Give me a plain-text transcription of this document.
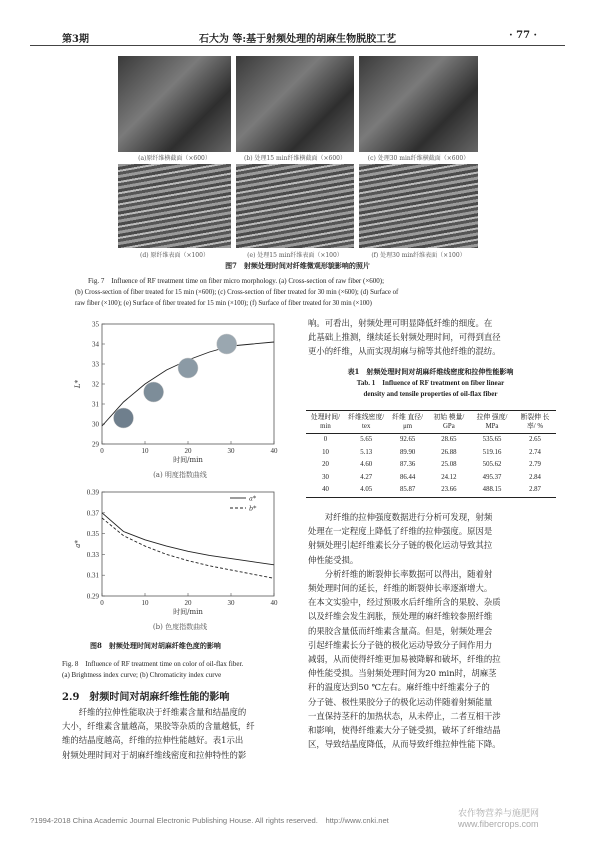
第3期	石大为 等:基于射频处理的胡麻生物脱胶工艺	· 77 ·
(a)原纤维横截面（×600）	(b) 处理15 min纤维横截面（×600）	(c) 处理30 min纤维横截面（×600）
(d) 原纤维表面（×100）	(e) 处理15 min纤维表面（×100）	(f) 处理30 min纤维表面（×100）
图7　射频处理时间对纤维微观形貌影响的照片
Fig. 7　Influence of RF treatment time on fiber micro morphology. (a) Cross-section of raw fiber (×600);
(b) Cross-section of fiber treated for 15 min (×600); (c) Cross-section of fiber treated for 30 min (×600); (d) Surface of
raw fiber (×100); (e) Surface of fiber treated for 15 min (×100); (f) Surface of fiber treated for 30 min (×100)
0	10	20	30	40
29
30
31
32
33
34
35
时间/min
L*
(a) 明度指数曲线
0	10	20	30	40
0.29
0.31
0.33
0.35
0.37
0.39
时间/min
a*
a*
b*
(b) 色度指数曲线
图8　射频处理时间对胡麻纤维色度的影响
Fig. 8　Influence of RF treatment time on color of oil-flax fiber.
(a) Brightness index curve; (b) Chromaticity index curve
2.9　射频时间对胡麻纤维性能的影响
　　纤维的拉伸性能取决于纤维素含量和结晶度的
大小，纤维素含量越高，果胶等杂质的含量越低，纤
维的结晶度越高，纤维的拉伸性能越好。表1示出
射频处理时间对于胡麻纤维线密度和拉伸特性的影
响。可看出，射频处理可明显降低纤维的细度。在
此基础上推测，继续延长射频处理时间，可得到直径
更小的纤维，从而实现胡麻与棉等其他纤维的混纺。
表1　射频处理时间对胡麻纤维线密度和拉伸性能影响
Tab. 1　Influence of RF treatment on fiber linear
density and tensile properties of oil-flax fiber
处理时间/ min	纤维线密度/ tex	纤维 直径/ μm	初始 模量/ GPa	拉伸 强度/ MPa	断裂伸 长率/ %
0	5.65	92.65	28.65	535.65	2.65
10	5.13	89.90	26.88	519.16	2.74
20	4.60	87.36	25.08	505.62	2.79
30	4.27	86.44	24.12	495.37	2.84
40	4.05	85.87	23.66	488.15	2.87
　　对纤维的拉伸强度数据进行分析可发现，射频
处理在一定程度上降低了纤维的拉伸强度。原因是
射频处理引起纤维素长分子链的极化运动导致其拉
伸性能受损。
　　分析纤维的断裂伸长率数据可以得出，随着射
频处理时间的延长，纤维的断裂伸长率逐渐增大。
在本文实验中，经过预吸水后纤维所含的果胶、杂质
以及纤维会发生润胀，预处理的麻纤维较参照纤维
的果胶含量低而纤维素含量高。但是，射频处理会
引起纤维素长分子链的极化运动导致分子间作用力
减弱，从而使得纤维更加易被降解和破坏，纤维的拉
伸性能受损。当射频处理时间为20 min时，胡麻茎
秆的温度达到50 ℃左右。麻纤维中纤维素分子的
分子链、极性果胶分子的极化运动伴随着射频能量
一直保持茎秆的加热状态，从未停止，二者互相干涉
和影响，使得纤维素大分子链受损，破坏了纤维结晶
区，导致结晶度降低，从而导致纤维拉伸性能下降。
?1994-2018 China Academic Journal Electronic Publishing House. All rights reserved.　http://www.cnki.net
农作物营养与施肥网 www.fibercrops.com
